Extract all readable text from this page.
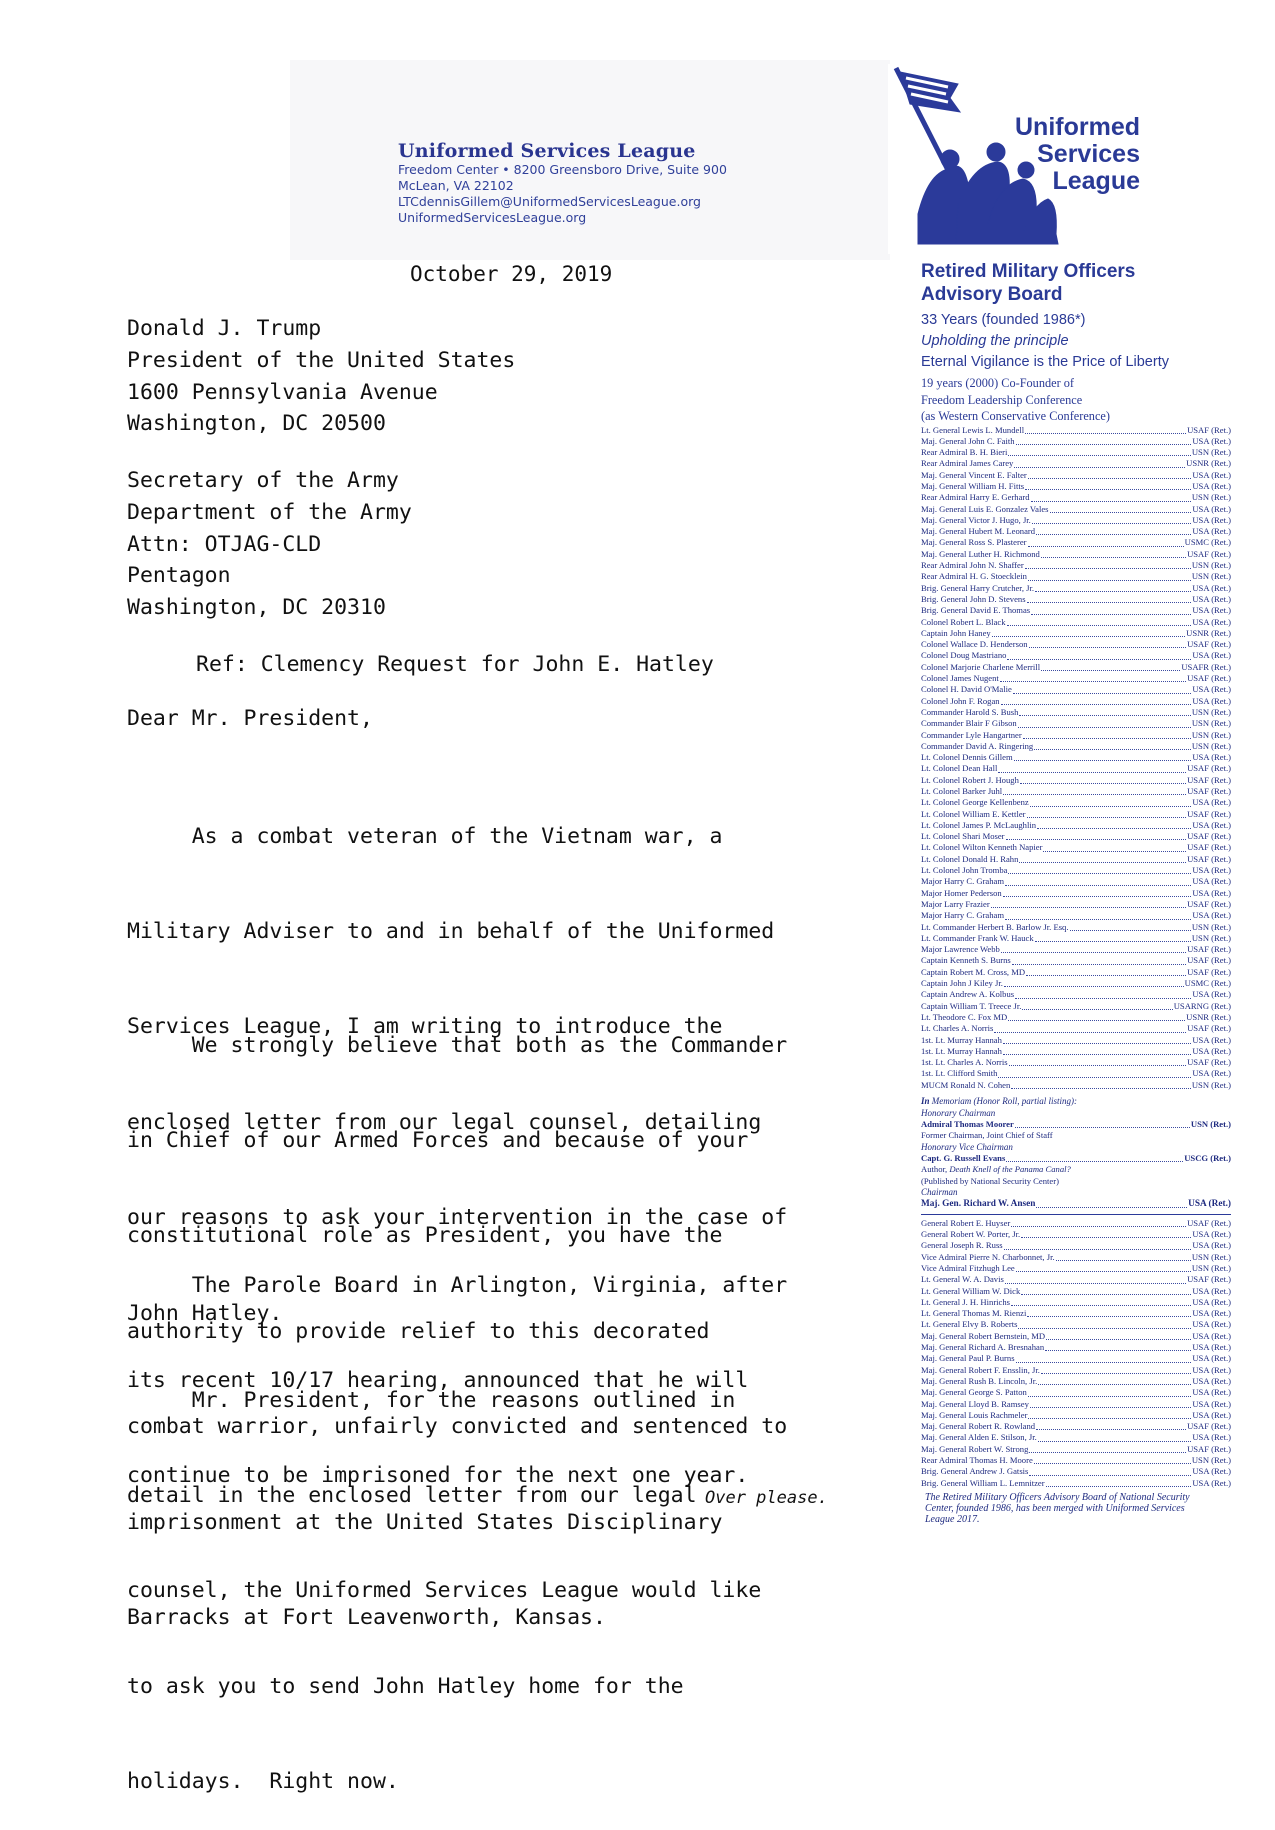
Uniformed Services League
Freedom Center • 8200 Greensboro Drive, Suite 900
McLean, VA 22102
LTCdennisGillem@UniformedServicesLeague.org
UniformedServicesLeague.org
Uniformed
Services
League
October 29, 2019
Donald J. Trump
President of the United States
1600 Pennsylvania Avenue
Washington, DC 20500
Secretary of the Army
Department of the Army
Attn: OTJAG-CLD
Pentagon
Washington, DC 20310
Ref: Clemency Request for John E. Hatley
Dear Mr. President,

As a combat veteran of the Vietnam war, a

Military Adviser to and in behalf of the Uniformed

Services League, I am writing to introduce the

enclosed letter from our legal counsel, detailing

our reasons to ask your intervention in the case of

John Hatley.

We strongly believe that both as the Commander

in Chief of our Armed Forces and because of your

constitutional role as President, you have the

authority to provide relief to this decorated

combat warrior, unfairly convicted and sentenced to

imprisonment at the United States Disciplinary

Barracks at Fort Leavenworth, Kansas.

The Parole Board in Arlington, Virginia, after

its recent 10/17 hearing, announced that he will

continue to be imprisoned for the next one year.

Mr. President, for the reasons outlined in

detail in the enclosed letter from our legal

counsel, the Uniformed Services League would like

to ask you to send John Hatley home for the

holidays.  Right now.

Over please.
Retired Military Officers
Advisory Board
33 Years (founded 1986*)
Upholding the principle
Eternal Vigilance is the Price of Liberty
19 years (2000) Co-Founder of
Freedom Leadership Conference
(as Western Conservative Conference)
Lt. General Lewis L. Mundell	USAF (Ret.)
Maj. General John C. Faith	USA (Ret.)
Rear Admiral B. H. Bieri	USN (Ret.)
Rear Admiral James Carey	USNR (Ret.)
Maj. General Vincent E. Falter	USA (Ret.)
Maj. General William H. Fitts	USA (Ret.)
Rear Admiral Harry E. Gerhard	USN (Ret.)
Maj. General Luis E. Gonzalez Vales	USA (Ret.)
Maj. General Victor J. Hugo, Jr.	USA (Ret.)
Maj. General Hubert M. Leonard	USA (Ret.)
Maj. General Ross S. Plasterer	USMC (Ret.)
Maj. General Luther H. Richmond	USAF (Ret.)
Rear Admiral John N. Shaffer	USN (Ret.)
Rear Admiral H. G. Stoecklein	USN (Ret.)
Brig. General Harry Crutcher, Jr.	USA (Ret.)
Brig. General John D. Stevens	USA (Ret.)
Brig. General David E. Thomas	USA (Ret.)
Colonel Robert L. Black	USA (Ret.)
Captain John Haney	USNR (Ret.)
Colonel Wallace D. Henderson	USAF (Ret.)
Colonel Doug Mastriano	USA (Ret.)
Colonel Marjorie Charlene Merrill	USAFR (Ret.)
Colonel James Nugent	USAF (Ret.)
Colonel H. David O'Malie	USA (Ret.)
Colonel John F. Rogan	USA (Ret.)
Commander Harold S. Bush	USN (Ret.)
Commander Blair F Gibson	USN (Ret.)
Commander Lyle Hangartner	USN (Ret.)
Commander David A. Ringering	USN (Ret.)
Lt. Colonel Dennis Gillem	USA (Ret.)
Lt. Colonel Dean Hall	USAF (Ret.)
Lt. Colonel Robert J. Hough	USAF (Ret.)
Lt. Colonel Barker Juhl	USAF (Ret.)
Lt. Colonel George Kellenbenz	USA (Ret.)
Lt. Colonel William E. Kettler	USAF (Ret.)
Lt. Colonel James P. McLaughlin	USA (Ret.)
Lt. Colonel Shari Moser	USAF (Ret.)
Lt. Colonel Wilton Kenneth Napier	USAF (Ret.)
Lt. Colonel Donald H. Rahn	USAF (Ret.)
Lt. Colonel John Tromba	USA (Ret.)
Major Harry C. Graham	USA (Ret.)
Major Homer Pederson	USA (Ret.)
Major Larry Frazier	USAF (Ret.)
Major Harry C. Graham	USA (Ret.)
Lt. Commander Herbert B. Barlow Jr. Esq.	USN (Ret.)
Lt. Commander Frank W. Hauck	USN (Ret.)
Major Lawrence Webb	USAF (Ret.)
Captain Kenneth S. Burns	USAF (Ret.)
Captain Robert M. Cross, MD	USAF (Ret.)
Captain John J Kiley Jr.	USMC (Ret.)
Captain Andrew A. Kolbus	USA (Ret.)
Captain William T. Treece Jr.	USARNG (Ret.)
Lt. Theodore C. Fox MD	USNR (Ret.)
Lt. Charles A. Norris	USAF (Ret.)
1st. Lt. Murray Hannah	USA (Ret.)
1st. Lt. Murray Hannah	USA (Ret.)
1st. Lt. Charles A. Norris	USAF (Ret.)
1st. Lt. Clifford Smith	USA (Ret.)
MUCM Ronald N. Cohen	USN (Ret.)
In Memoriam (Honor Roll, partial listing):
Honorary Chairman
Admiral Thomas Moorer	USN (Ret.)
Former Chairman, Joint Chief of Staff
Honorary Vice Chairman
Capt. G. Russell Evans	USCG (Ret.)
Author, Death Knell of the Panama Canal?
(Published by National Security Center)
Chairman
Maj. Gen. Richard W. Ansen	USA (Ret.)
General Robert E. Huyser	USAF (Ret.)
General Robert W. Porter, Jr.	USA (Ret.)
General Joseph R. Russ	USA (Ret.)
Vice Admiral Pierre N. Charbonnet, Jr.	USN (Ret.)
Vice Admiral Fitzhugh Lee	USN (Ret.)
Lt. General W. A. Davis	USAF (Ret.)
Lt. General William W. Dick	USA (Ret.)
Lt. General J. H. Hinrichs	USA (Ret.)
Lt. General Thomas M. Rienzi	USA (Ret.)
Lt. General Elvy B. Roberts	USA (Ret.)
Maj. General Robert Bernstein, MD	USA (Ret.)
Maj. General Richard A. Bresnahan	USA (Ret.)
Maj. General Paul P. Burns	USA (Ret.)
Maj. General Robert F. Ensslin, Jr.	USA (Ret.)
Maj. General Rush B. Lincoln, Jr.	USA (Ret.)
Maj. General George S. Patton	USA (Ret.)
Maj. General Lloyd B. Ramsey	USA (Ret.)
Maj. General Louis Rachmeler	USA (Ret.)
Maj. General Robert R. Rowland	USAF (Ret.)
Maj. General Alden E. Stilson, Jr.	USA (Ret.)
Maj. General Robert W. Strong	USAF (Ret.)
Rear Admiral Thomas H. Moore	USN (Ret.)
Brig. General Andrew J. Gatsis	USA (Ret.)
Brig. General William L. Lemnitzer	USA (Ret.)
The Retired Military Officers Advisory Board of National Security Center, founded 1986, has been merged with Uniformed Services League 2017.
